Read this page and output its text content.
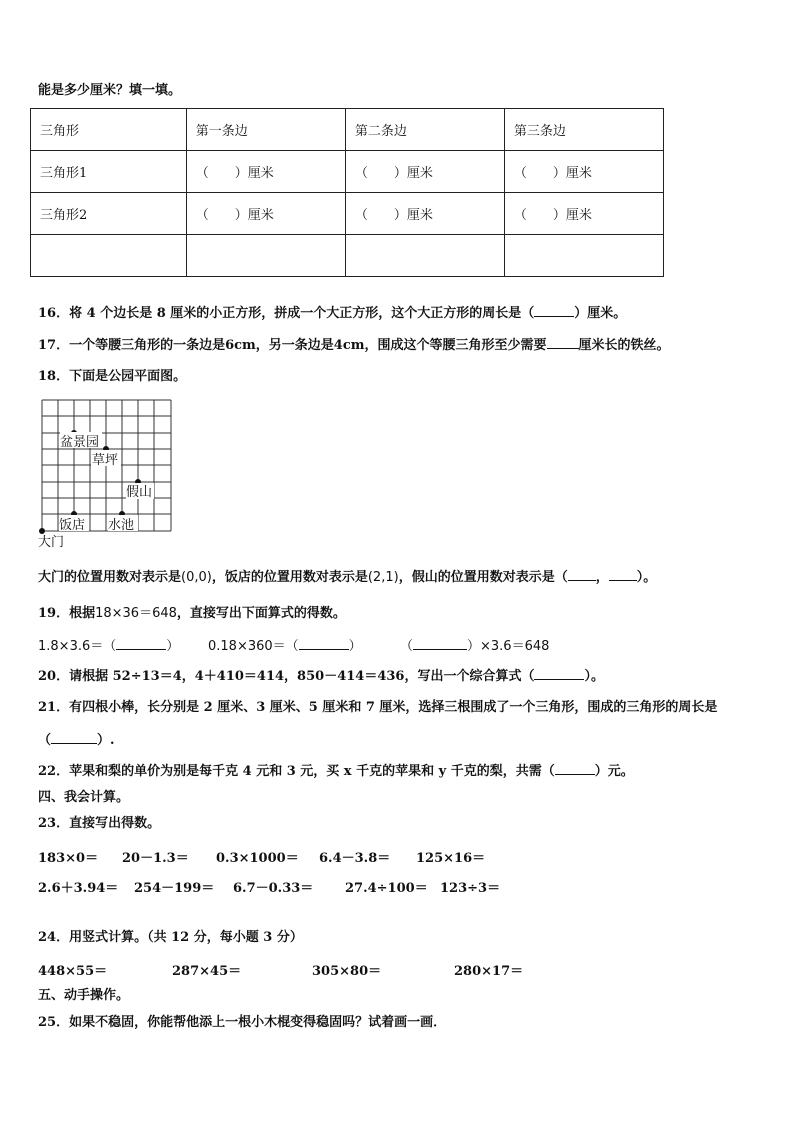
能是多少厘米？填一填。
三角形	第一条边	第二条边	第三条边
三角形1	（　　）厘米	（　　）厘米	（　　）厘米
三角形2	（　　）厘米	（　　）厘米	（　　）厘米

16．将 4 个边长是 8 厘米的小正方形，拼成一个大正方形，这个大正方形的周长是（	）厘米。
17．一个等腰三角形的一条边是6cm，另一条边是4cm，围成这个等腰三角形至少需要 厘米长的铁丝。
18．下面是公园平面图。
盆景园
草坪
假山
饭店 水池
大门
大门的位置用数对表示是(0,0)，饭店的位置用数对表示是(2,1)，假山的位置用数对表示是（ ， ）。
19．根据18×36＝648，直接写出下面算式的得数。
1.8×3.6＝（	） 0.18×360＝（	）	（	）×3.6＝648
20．请根据 52÷13＝4，4＋410＝414，850－414＝436，写出一个综合算式（	）。
21．有四根小棒，长分别是 2 厘米、3 厘米、5 厘米和 7 厘米，选择三根围成了一个三角形，围成的三角形的周长是
（	）.
22．苹果和梨的单价为别是每千克 4 元和 3 元，买 x 千克的苹果和 y 千克的梨，共需（	）元。
四、我会计算。
23．直接写出得数。
183×0＝ 20－1.3＝ 0.3×1000＝ 6.4－3.8＝ 125×16＝
2.6＋3.94＝ 254－199＝ 6.7－0.33＝ 27.4÷100＝ 123÷3＝
24．用竖式计算。（共 12 分，每小题 3 分）
448×55＝	287×45＝	305×80＝	280×17＝
五、动手操作。
25．如果不稳固，你能帮他添上一根小木棍变得稳固吗？试着画一画．
